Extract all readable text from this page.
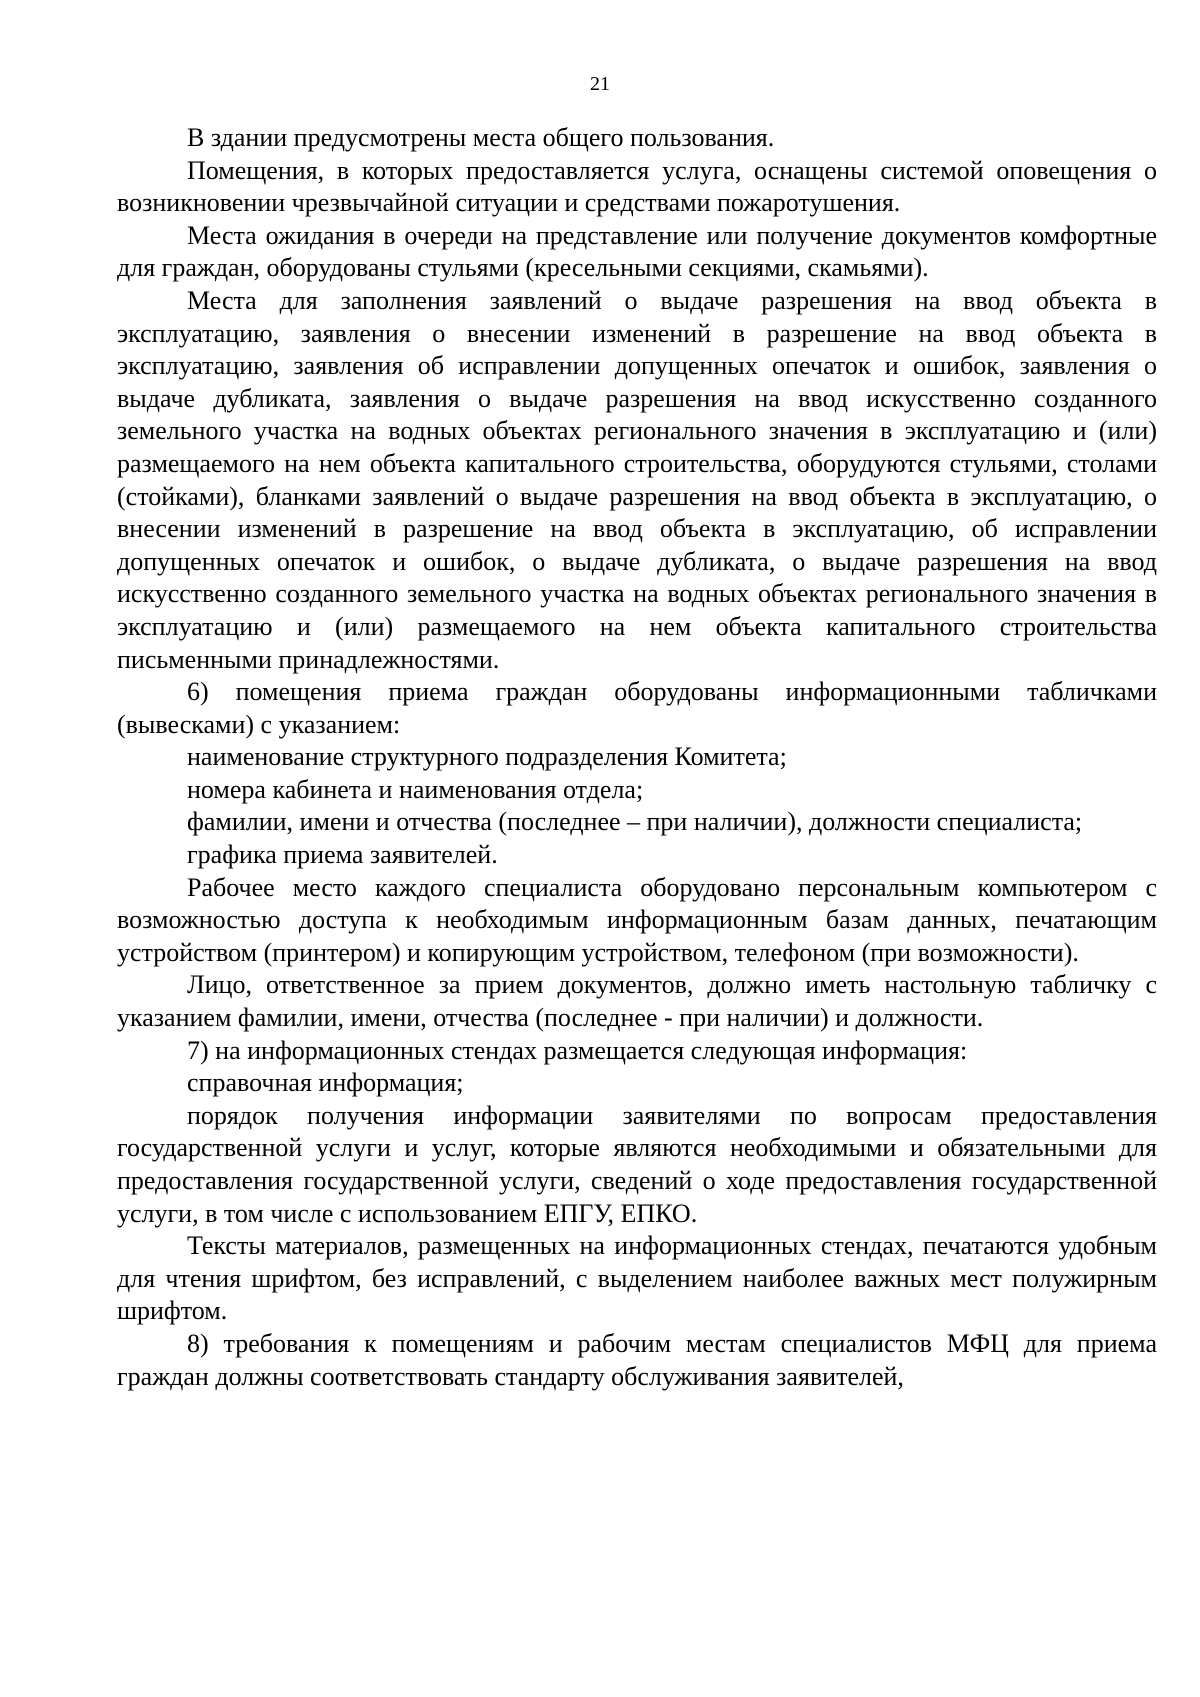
21

В здании предусмотрены места общего пользования.

Помещения, в которых предоставляется услуга, оснащены системой оповещения о возникновении чрезвычайной ситуации и средствами пожаротушения.

Места ожидания в очереди на представление или получение документов комфортные для граждан, оборудованы стульями (кресельными секциями, скамьями).

Места для заполнения заявлений о выдаче разрешения на ввод объекта в эксплуатацию, заявления о внесении изменений в разрешение на ввод объекта в эксплуатацию, заявления об исправлении допущенных опечаток и ошибок, заявления о выдаче дубликата, заявления о выдаче разрешения на ввод искусственно созданного земельного участка на водных объектах регионального значения в эксплуатацию и (или) размещаемого на нем объекта капитального строительства, оборудуются стульями, столами (стойками), бланками заявлений о выдаче разрешения на ввод объекта в эксплуатацию, о внесении изменений в разрешение на ввод объекта в эксплуатацию, об исправлении допущенных опечаток и ошибок, о выдаче дубликата, о выдаче разрешения на ввод искусственно созданного земельного участка на водных объектах регионального значения в эксплуатацию и (или) размещаемого на нем объекта капитального строительства письменными принадлежностями.

6) помещения приема граждан оборудованы информационными табличками (вывесками) с указанием:

наименование структурного подразделения Комитета;

номера кабинета и наименования отдела;

фамилии, имени и отчества (последнее – при наличии), должности специалиста;

графика приема заявителей.

Рабочее место каждого специалиста оборудовано персональным компьютером с возможностью доступа к необходимым информационным базам данных, печатающим устройством (принтером) и копирующим устройством, телефоном (при возможности).

Лицо, ответственное за прием документов, должно иметь настольную табличку с указанием фамилии, имени, отчества (последнее - при наличии) и должности.

7) на информационных стендах размещается следующая информация:

справочная информация;

порядок получения информации заявителями по вопросам предоставления государственной услуги и услуг, которые являются необходимыми и обязательными для предоставления государственной услуги, сведений о ходе предоставления государственной услуги, в том числе с использованием ЕПГУ, ЕПКО.

Тексты материалов, размещенных на информационных стендах, печатаются удобным для чтения шрифтом, без исправлений, с выделением наиболее важных мест полужирным шрифтом.

8) требования к помещениям и рабочим местам специалистов МФЦ для приема граждан должны соответствовать стандарту обслуживания заявителей,
